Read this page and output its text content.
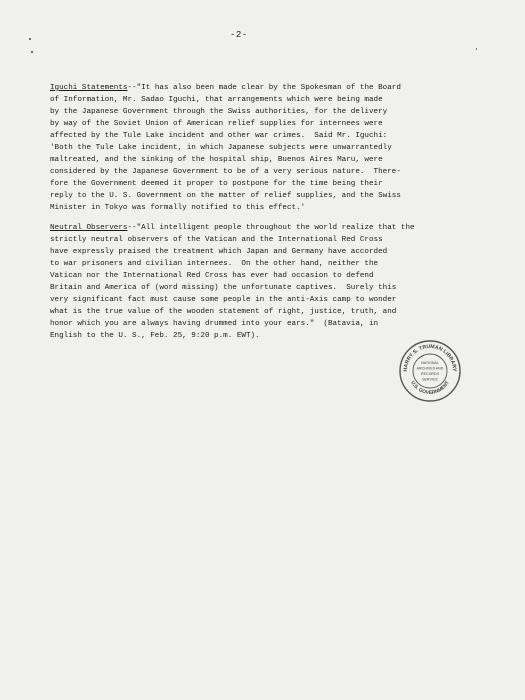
-2-

Iguchi Statements--"It has also been made clear by the Spokesman of the Board
of Information, Mr. Sadao Iguchi, that arrangements which were being made
by the Japanese Government through the Swiss authorities, for the delivery
by way of the Soviet Union of American relief supplies for internees were
affected by the Tule Lake incident and other war crimes.  Said Mr. Iguchi:
'Both the Tule Lake incident, in which Japanese subjects were unwarrantedly
maltreated, and the sinking of the hospital ship, Buenos Aires Maru, were
considered by the Japanese Government to be of a very serious nature.  There-
fore the Government deemed it proper to postpone for the time being their
reply to the U. S. Government on the matter of relief supplies, and the Swiss
Minister in Tokyo was formally notified to this effect.'

Neutral Observers--"All intelligent people throughout the world realize that the
strictly neutral observers of the Vatican and the International Red Cross
have expressly praised the treatment which Japan and Germany have accorded
to war prisoners and civilian internees.  On the other hand, neither the
Vatican nor the International Red Cross has ever had occasion to defend
Britain and America of (word missing) the unfortunate captives.  Surely this
very significant fact must cause some people in the anti-Axis camp to wonder
what is the true value of the wooden statement of right, justice, truth, and
honor which you are always having drummed into your ears."  (Batavia, in
English to the U. S., Feb. 25, 9:20 p.m. EWT).

HARRY S. TRUMAN LIBRARY
U.S. GOVERNMENT
NATIONAL
ARCHIVES AND
RECORDS
SERVICE
